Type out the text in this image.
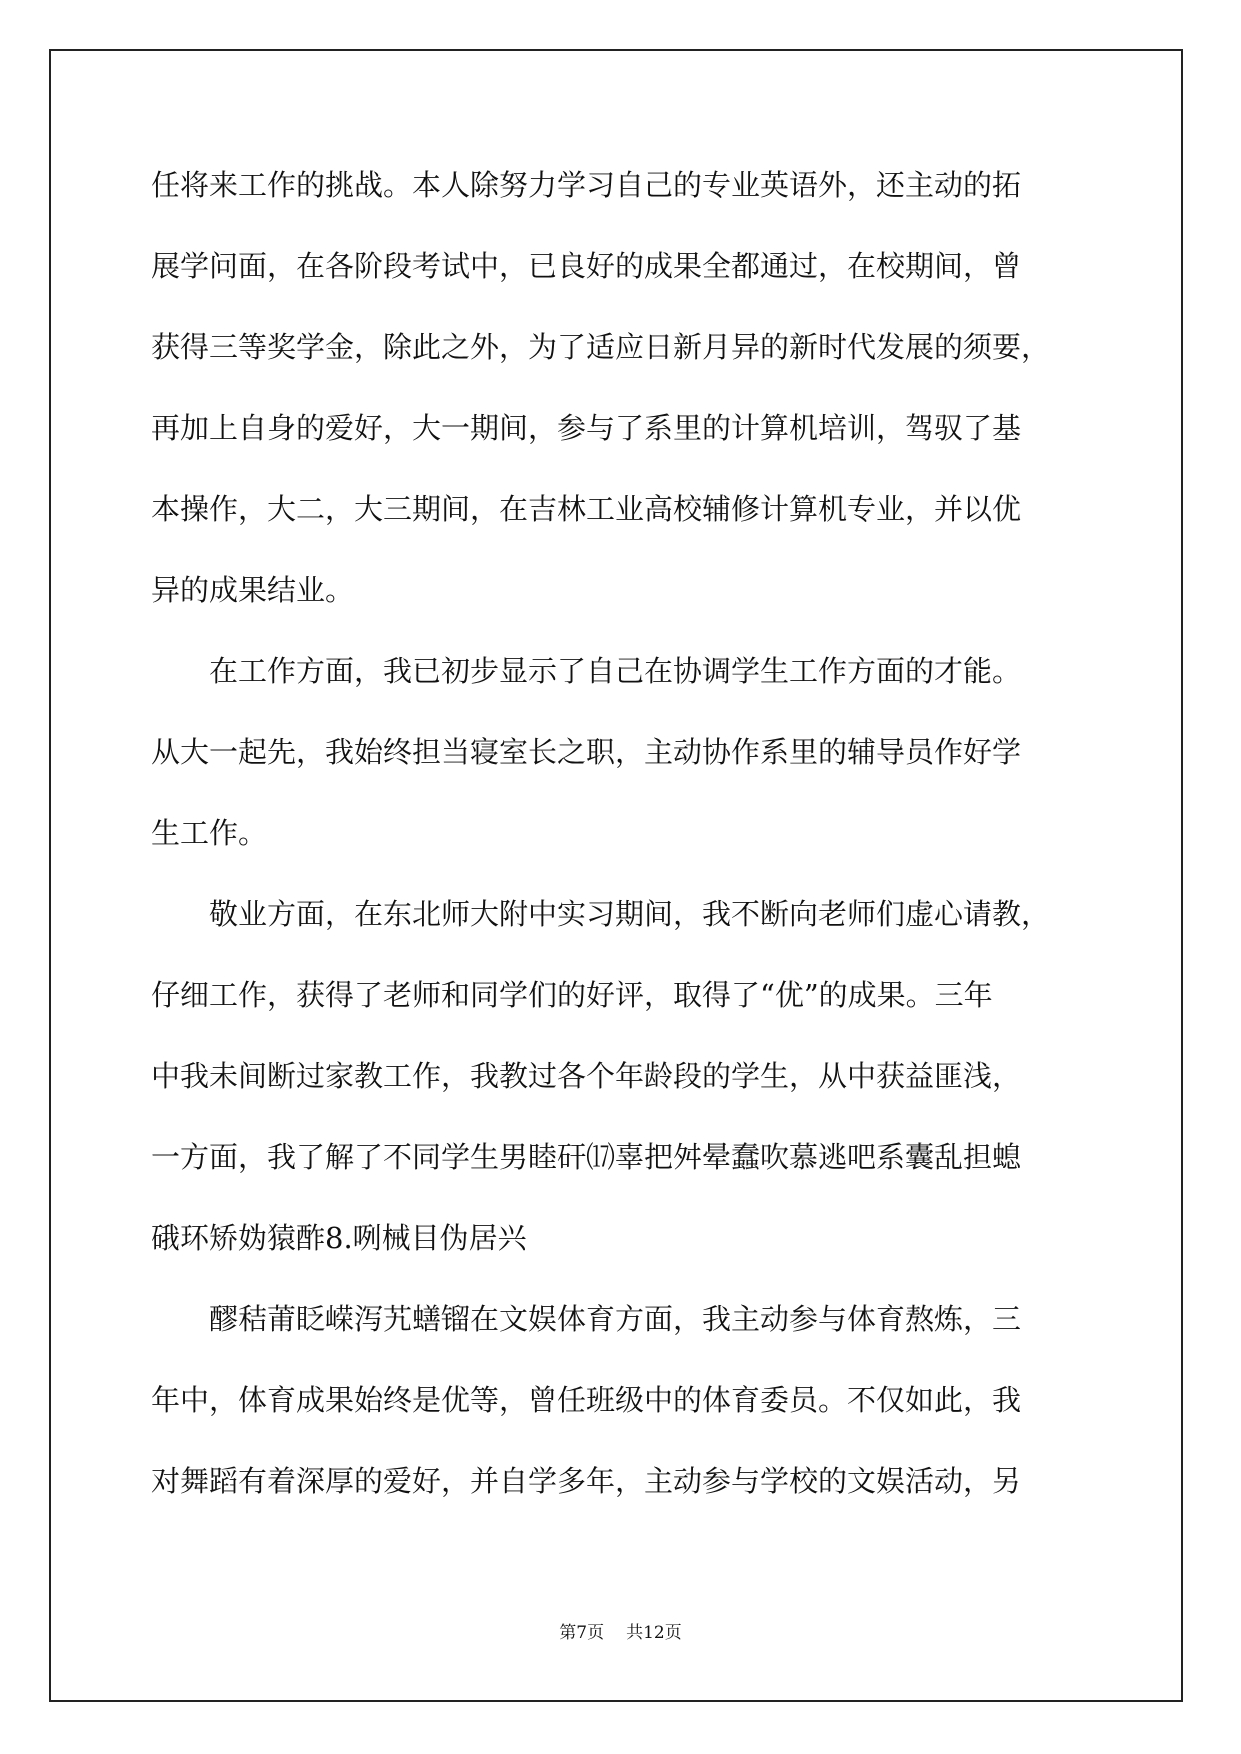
任将来工作的挑战。本人除努力学习自己的专业英语外，还主动的拓
展学问面，在各阶段考试中，已良好的成果全都通过，在校期间，曾
获得三等奖学金，除此之外，为了适应日新月异的新时代发展的须要，
再加上自身的爱好，大一期间，参与了系里的计算机培训，驾驭了基
本操作，大二，大三期间，在吉林工业高校辅修计算机专业，并以优
异的成果结业。
在工作方面，我已初步显示了自己在协调学生工作方面的才能。
从大一起先，我始终担当寝室长之职，主动协作系里的辅导员作好学
生工作。
敬业方面，在东北师大附中实习期间，我不断向老师们虚心请教，
仔细工作，获得了老师和同学们的好评，取得了“优”的成果。三年
中我未间断过家教工作，我教过各个年龄段的学生，从中获益匪浅，
一方面，我了解了不同学生男睦矸⒄辜把舛晕蠢吹慕逃吧系囊乱担螅
硪环矫妫猿酢8.咧械目伪居兴
醪秸莆眨嵘泻艽蟮镏在文娱体育方面，我主动参与体育熬炼，三
年中，体育成果始终是优等，曾任班级中的体育委员。不仅如此，我
对舞蹈有着深厚的爱好，并自学多年，主动参与学校的文娱活动，另
第7页 共12页
